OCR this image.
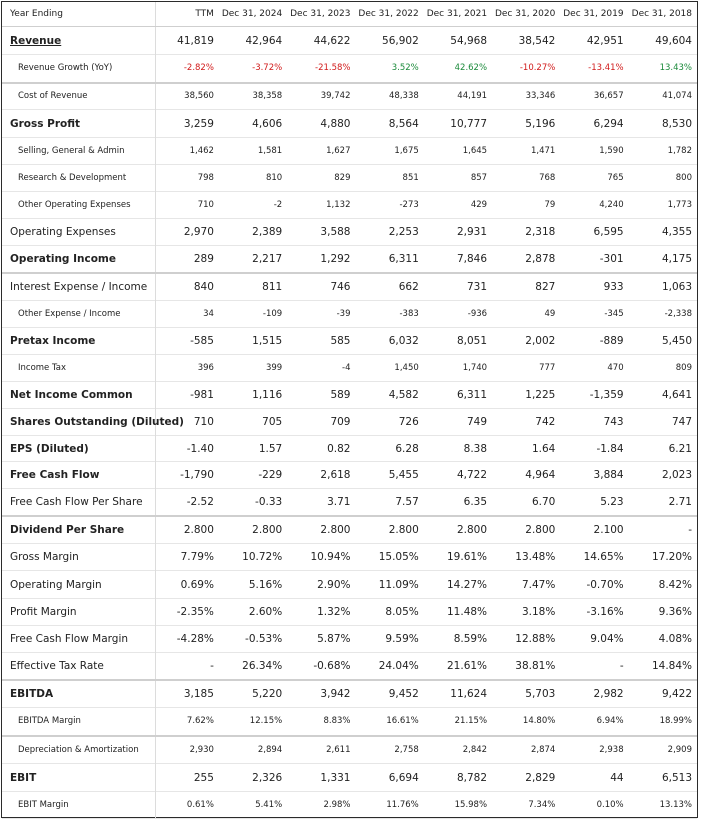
Year Ending	TTM	Dec 31, 2024	Dec 31, 2023	Dec 31, 2022	Dec 31, 2021	Dec 31, 2020	Dec 31, 2019	Dec 31, 2018
Revenue	41,819	42,964	44,622	56,902	54,968	38,542	42,951	49,604
Revenue Growth (YoY)	-2.82%	-3.72%	-21.58%	3.52%	42.62%	-10.27%	-13.41%	13.43%
Cost of Revenue	38,560	38,358	39,742	48,338	44,191	33,346	36,657	41,074
Gross Profit	3,259	4,606	4,880	8,564	10,777	5,196	6,294	8,530
Selling, General & Admin	1,462	1,581	1,627	1,675	1,645	1,471	1,590	1,782
Research & Development	798	810	829	851	857	768	765	800
Other Operating Expenses	710	-2	1,132	-273	429	79	4,240	1,773
Operating Expenses	2,970	2,389	3,588	2,253	2,931	2,318	6,595	4,355
Operating Income	289	2,217	1,292	6,311	7,846	2,878	-301	4,175
Interest Expense / Income	840	811	746	662	731	827	933	1,063
Other Expense / Income	34	-109	-39	-383	-936	49	-345	-2,338
Pretax Income	-585	1,515	585	6,032	8,051	2,002	-889	5,450
Income Tax	396	399	-4	1,450	1,740	777	470	809
Net Income Common	-981	1,116	589	4,582	6,311	1,225	-1,359	4,641
Shares Outstanding (Diluted)	710	705	709	726	749	742	743	747
EPS (Diluted)	-1.40	1.57	0.82	6.28	8.38	1.64	-1.84	6.21
Free Cash Flow	-1,790	-229	2,618	5,455	4,722	4,964	3,884	2,023
Free Cash Flow Per Share	-2.52	-0.33	3.71	7.57	6.35	6.70	5.23	2.71
Dividend Per Share	2.800	2.800	2.800	2.800	2.800	2.800	2.100	-
Gross Margin	7.79%	10.72%	10.94%	15.05%	19.61%	13.48%	14.65%	17.20%
Operating Margin	0.69%	5.16%	2.90%	11.09%	14.27%	7.47%	-0.70%	8.42%
Profit Margin	-2.35%	2.60%	1.32%	8.05%	11.48%	3.18%	-3.16%	9.36%
Free Cash Flow Margin	-4.28%	-0.53%	5.87%	9.59%	8.59%	12.88%	9.04%	4.08%
Effective Tax Rate	-	26.34%	-0.68%	24.04%	21.61%	38.81%	-	14.84%
EBITDA	3,185	5,220	3,942	9,452	11,624	5,703	2,982	9,422
EBITDA Margin	7.62%	12.15%	8.83%	16.61%	21.15%	14.80%	6.94%	18.99%
Depreciation & Amortization	2,930	2,894	2,611	2,758	2,842	2,874	2,938	2,909
EBIT	255	2,326	1,331	6,694	8,782	2,829	44	6,513
EBIT Margin	0.61%	5.41%	2.98%	11.76%	15.98%	7.34%	0.10%	13.13%
